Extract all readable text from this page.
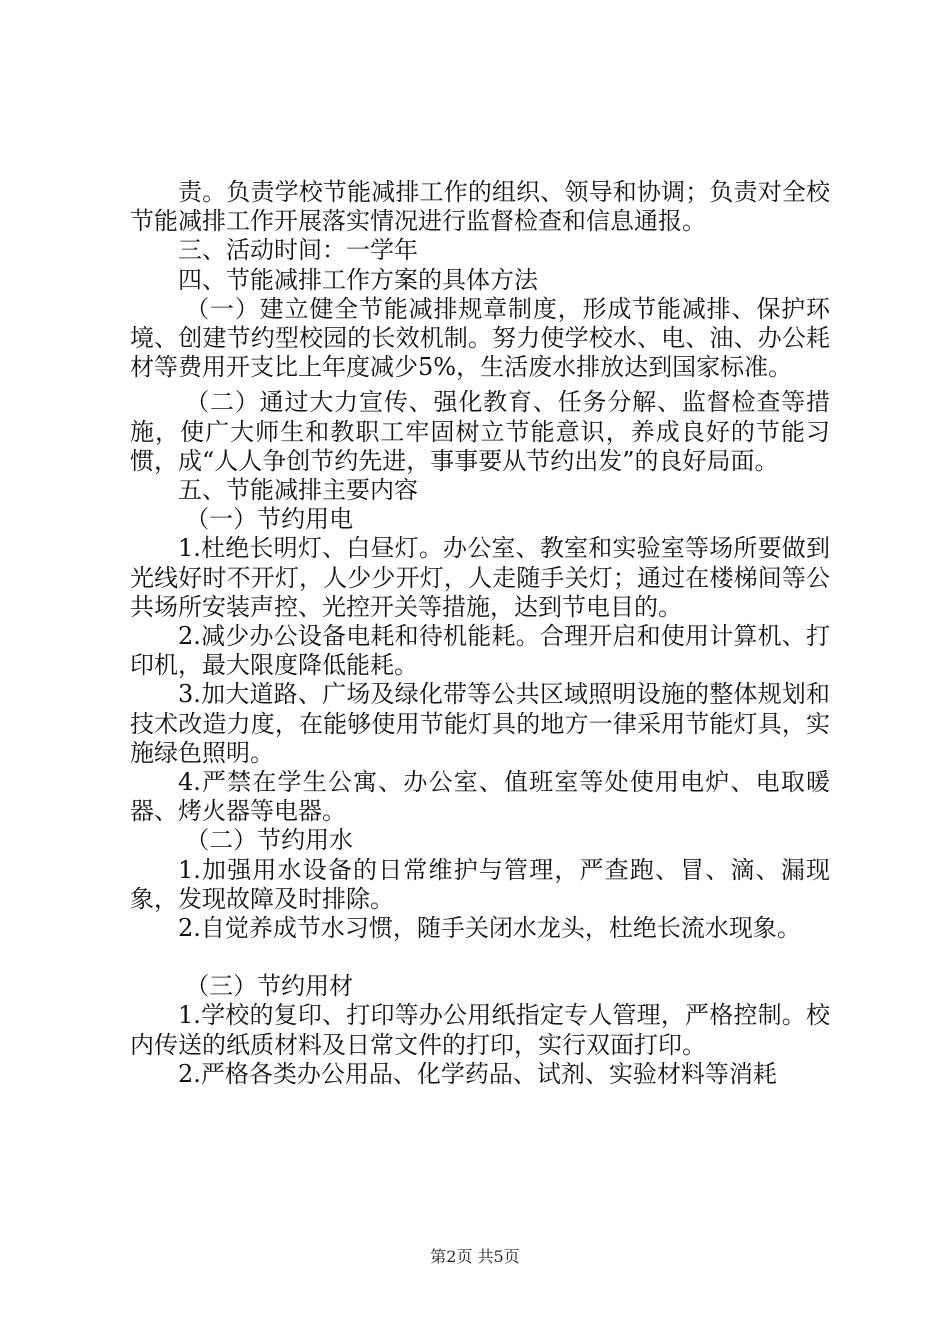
责。负责学校节能减排工作的组织、领导和协调；负责对全校节能减排工作开展落实情况进行监督检查和信息通报。

三、活动时间：一学年

四、节能减排工作方案的具体方法

（一）建立健全节能减排规章制度，形成节能减排、保护环境、创建节约型校园的长效机制。努力使学校水、电、油、办公耗材等费用开支比上年度减少5%，生活废水排放达到国家标准。

（二）通过大力宣传、强化教育、任务分解、监督检查等措施，使广大师生和教职工牢固树立节能意识，养成良好的节能习惯，成“人人争创节约先进，事事要从节约出发”的良好局面。

五、节能减排主要内容

（一）节约用电

1.杜绝长明灯、白昼灯。办公室、教室和实验室等场所要做到光线好时不开灯，人少少开灯，人走随手关灯；通过在楼梯间等公共场所安装声控、光控开关等措施，达到节电目的。

2.减少办公设备电耗和待机能耗。合理开启和使用计算机、打印机，最大限度降低能耗。

3.加大道路、广场及绿化带等公共区域照明设施的整体规划和技术改造力度，在能够使用节能灯具的地方一律采用节能灯具，实施绿色照明。

4.严禁在学生公寓、办公室、值班室等处使用电炉、电取暖器、烤火器等电器。

（二）节约用水

1.加强用水设备的日常维护与管理，严查跑、冒、滴、漏现象，发现故障及时排除。

2.自觉养成节水习惯，随手关闭水龙头，杜绝长流水现象。

（三）节约用材

1.学校的复印、打印等办公用纸指定专人管理，严格控制。校内传送的纸质材料及日常文件的打印，实行双面打印。

2.严格各类办公用品、化学药品、试剂、实验材料等消耗

第2页 共5页
